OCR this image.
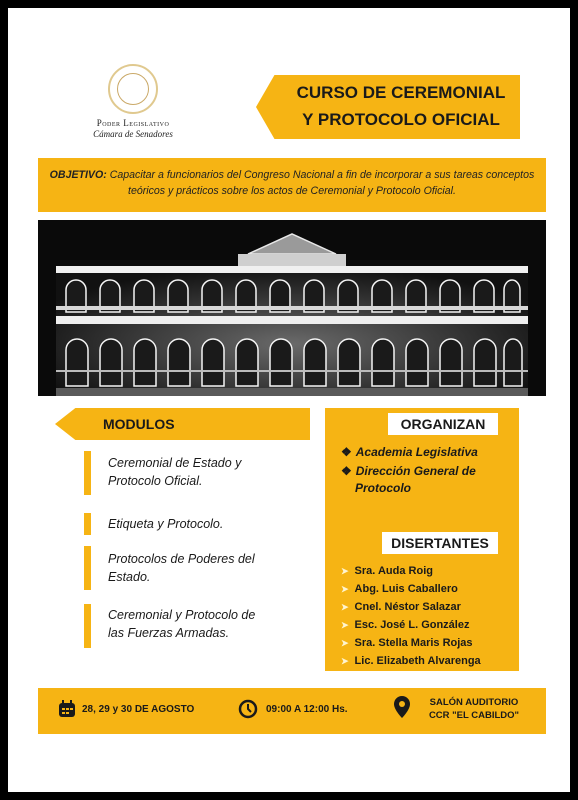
Poder Legislativo
Cámara de Senadores
CURSO DE CEREMONIAL
Y PROTOCOLO OFICIAL
OBJETIVO: Capacitar a funcionarios del Congreso Nacional a fin de incorporar a sus tareas conceptos teóricos y prácticos sobre los actos de Ceremonial y Protocolo Oficial.
MODULOS
Ceremonial de Estado y
Protocolo Oficial.
Etiqueta y Protocolo.
Protocolos de Poderes del
Estado.
Ceremonial y Protocolo de
las Fuerzas Armadas.
ORGANIZAN
❖ Academia Legislativa
❖ Dirección General de
Protocolo
DISERTANTES
➤ Sra. Auda Roig
➤ Abg. Luis Caballero
➤ Cnel. Néstor Salazar
➤ Esc. José L. González
➤ Sra. Stella Maris Rojas
➤ Lic. Elizabeth Alvarenga
28, 29 y 30 DE AGOSTO	09:00 A 12:00 Hs.
SALÓN AUDITORIO
CCR "EL CABILDO"
